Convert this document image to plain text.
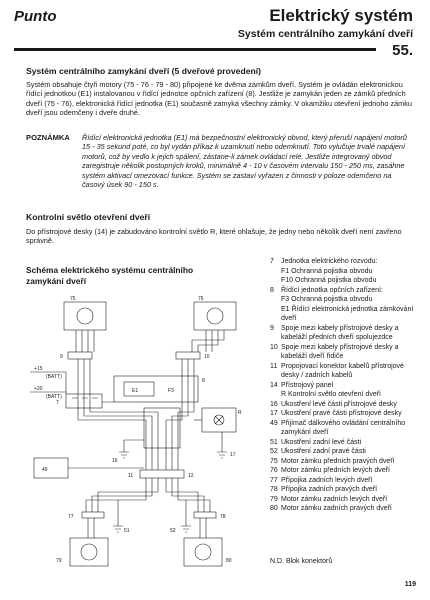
Punto	Elektrický systém
Systém centrálního zamykání dveří
55.
Systém centrálního zamykání dveří (5 dveřové provedení)
Systém obsahuje čtyři motory (75 - 76 - 79 - 80) připojené ke dvěma zámkům dveří. Systém je ovládán elektronickou řídící jednotkou (E1) instalovanou v řídící jednotce opčních zařízení (8). Jestliže je zamykán jeden ze zámků předních dveří (75 - 76), elektronická řídící jednotka (E1) současně zamyká všechny zámky. V okamžiku otevření jednoho zámku dveří jsou odemčeny i dveře druhé.
POZNÁMKA Řídící elektronická jednotka (E1) má bezpečnostní elektronický obvod, který přeruší napájení motorů 15 - 35 sekund poté, co byl vydán příkaz k uzamknutí nebo odemknutí. Toto vylučuje trvalé napájení motorů, což by vedlo k jejich spálení, zástane-li zámek ovládací relé. Jestliže integrovaný obvod zaregistruje několik postupných kroků, minimálně 4 - 10 v časovém intervalu 150 - 250 ms, zasáhne systém aktivací omezovací funkce. Systém se zastaví vyřazen z činnosti v poloze odemčeno na časový úsek 90 - 150 s.
Kontrolní světlo otevření dveří
Do přístrojové desky (14) je zabudováno kontrolní světlo R, které ohlašuje, že jedny nebo několik dveří není zavřeno správně.
Schéma elektrického systému centrálního zamykání dveří
75	76
9	10
E1	F3
8
+15
+30
(BATT)
(BATT)
7
R
16
17
49
11	12
77	78
51	52
79	80
7	Jednotka elektrického rozvodu:
F1 Ochranná pojistka obvodu
F10 Ochranná pojistka obvodu
8	Řídící jednotka opčních zařízení:
F3 Ochranná pojistka obvodu
E1 Řídící elektronická jednotka zámkování dveří
9	Spoje mezi kabely přístrojové desky a kabeláží předních dveří spolujezdce
10 Spoje mezi kabely přístrojové desky a kabeláží dveří řidiče
11 Propojovací konektor kabelů přístrojové desky / zadních kabelů
14 Přístrojový panel
R Kontrolní světlo otevření dveří
16 Ukostření levé části přístrojové desky
17 Ukostření pravé části přístrojové desky
49 Přijímač dálkového ovládání centrálního zamykání dveří
51 Ukostření zadní levé části
52 Ukostření zadní pravé části
75 Motor zámku předních pravých dveří
76 Motor zámku předních levých dveří
77 Přípojka zadních levých dveří
78 Přípojka zadních pravých dveří
79 Motor zámku zadních levých dveří
80 Motor zámku zadních pravých dveří
N.D. Blok konektorů
119
